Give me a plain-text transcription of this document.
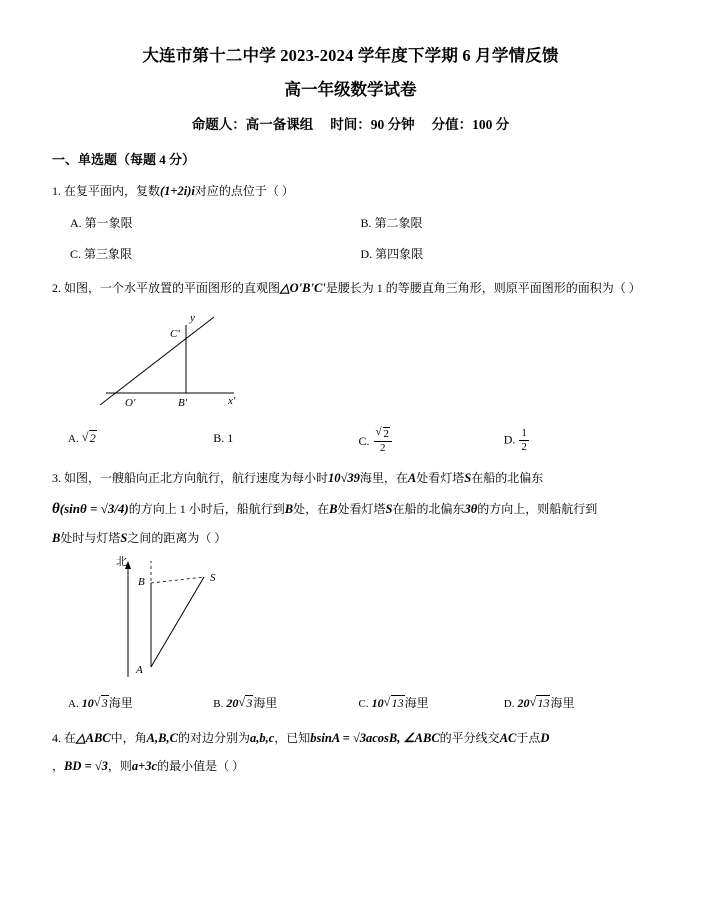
大连市第十二中学 2023-2024 学年度下学期 6 月学情反馈
高一年级数学试卷
命题人：高一备课组 时间：90 分钟 分值：100 分
一、单选题（每题 4 分）
1. 在复平面内，复数(1+2i)i对应的点位于（ ）
A. 第一象限	B. 第二象限
C. 第三象限	D. 第四象限
2. 如图，一个水平放置的平面图形的直观图△O'B'C'是腰长为 1 的等腰直角三角形，则原平面图形的面积为（ ）
y
C'
O'	B'	x'
A. √ 2	B. 1	C. √ $\frac{2}{2}$	D. $\frac{1}{2}$
3. 如图，一艘船向正北方向航行，航行速度为每小时10√39海里，在A处看灯塔S在船的北偏东
θ(sinθ = √3/4)的方向上 1 小时后，船航行到B处，在B处看灯塔S在船的北偏东3θ的方向上，则船航行到
B处时与灯塔S之间的距离为（ ）
北
B	S
A
A. 10 √ 3海里	B. 20 √ 3海里	C. 10 √ 13海里	D. 20 √ 13海里
4. 在△ABC中，角A,B,C的对边分别为a,b,c，已知bsinA = √3acosB, ∠ABC的平分线交AC于点D
，BD = √3，则a+3c的最小值是（ ）
